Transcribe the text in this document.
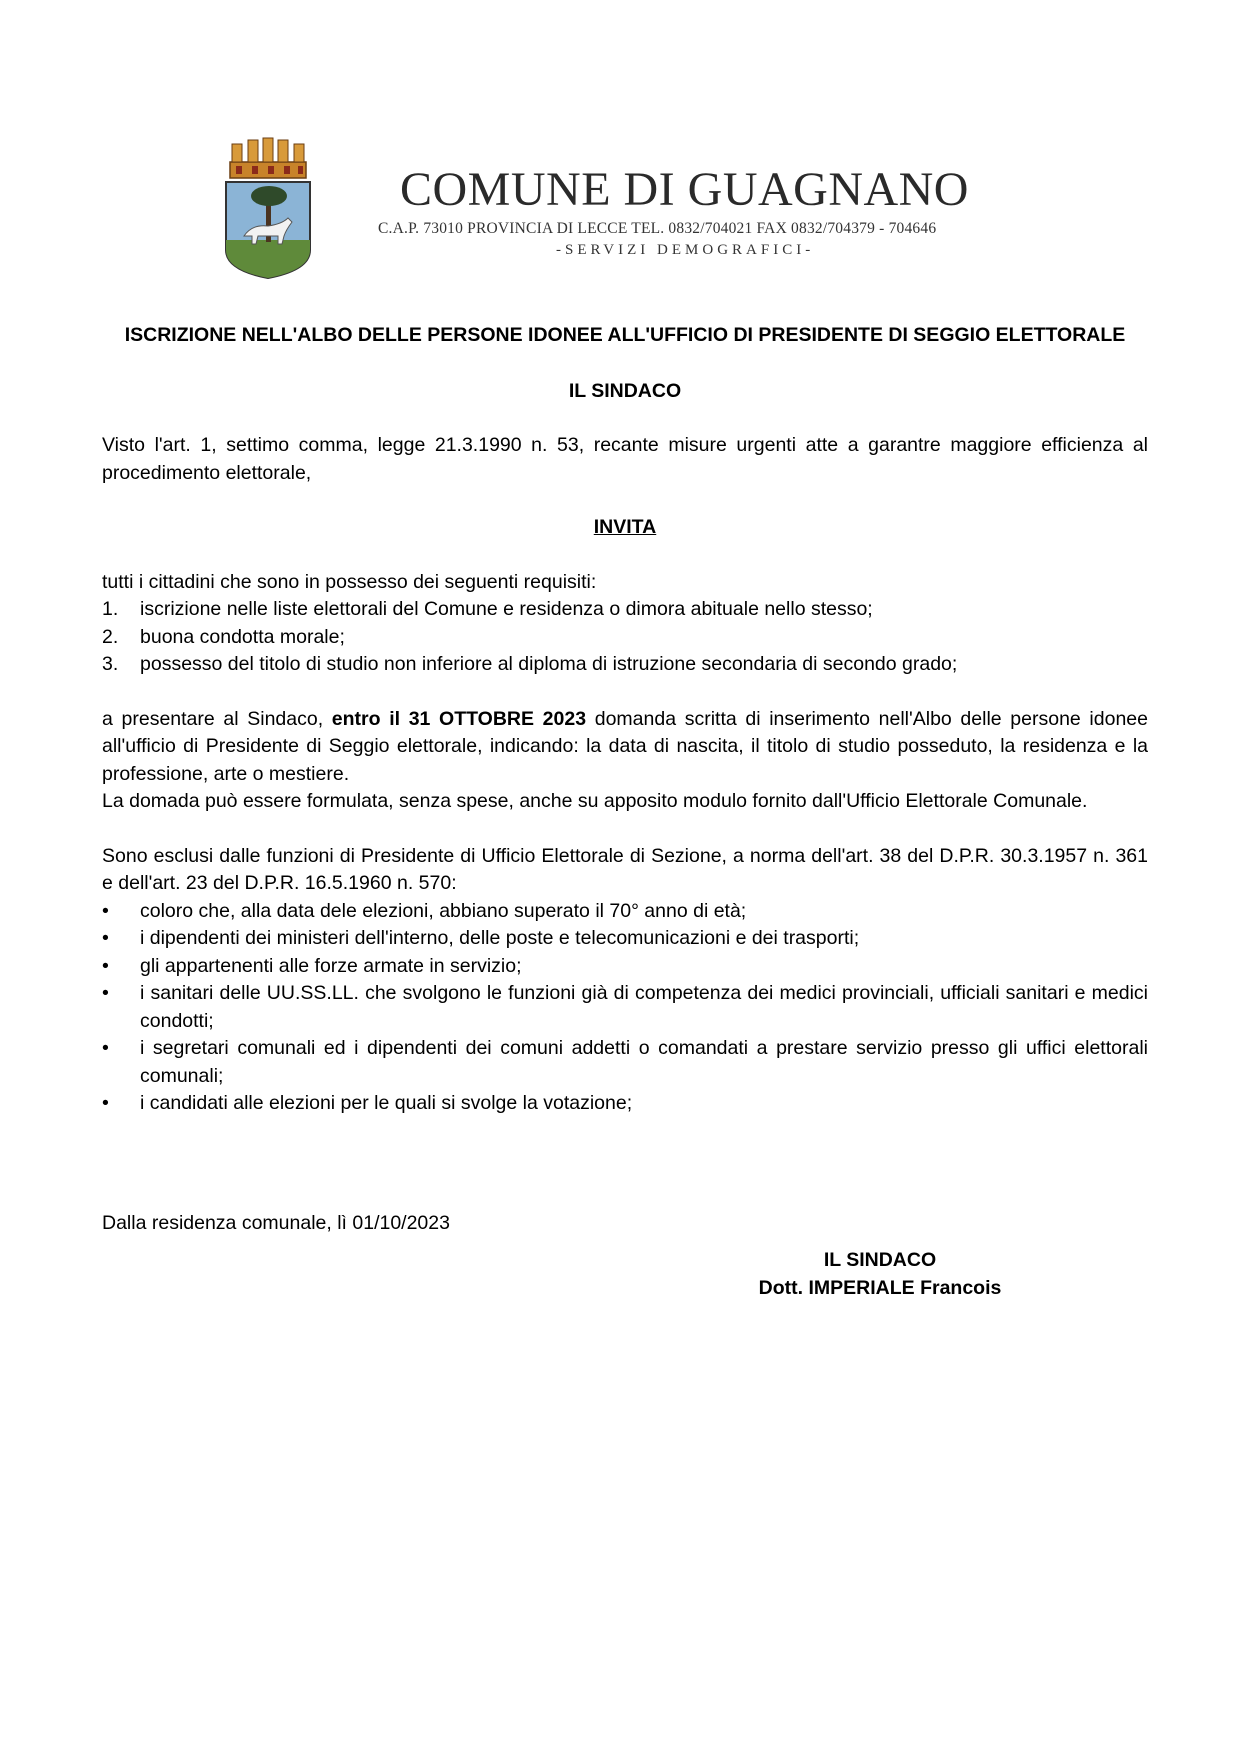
COMUNE DI GUAGNANO
C.A.P. 73010 PROVINCIA DI LECCE TEL. 0832/704021 FAX 0832/704379 - 704646
-SERVIZI DEMOGRAFICI-

ISCRIZIONE NELL'ALBO DELLE PERSONE IDONEE ALL'UFFICIO DI PRESIDENTE DI SEGGIO ELETTORALE

IL SINDACO

Visto l'art. 1, settimo comma, legge 21.3.1990 n. 53, recante misure urgenti atte a garantre maggiore efficienza al procedimento elettorale,

INVITA

tutti i cittadini che sono in possesso dei seguenti requisiti:

1.	iscrizione nelle liste elettorali del Comune e residenza o dimora abituale nello stesso;
2.	buona condotta morale;
3.	possesso del titolo di studio non inferiore al diploma di istruzione secondaria di secondo grado;

a presentare al Sindaco, entro il 31 OTTOBRE 2023 domanda scritta di inserimento nell'Albo delle persone idonee all'ufficio di Presidente di Seggio elettorale, indicando: la data di nascita, il titolo di studio posseduto, la residenza e la professione, arte o mestiere.

La domada può essere formulata, senza spese, anche su apposito modulo fornito dall'Ufficio Elettorale Comunale.

Sono esclusi dalle funzioni di Presidente di Ufficio Elettorale di Sezione, a norma dell'art. 38 del D.P.R. 30.3.1957 n. 361 e dell'art. 23 del D.P.R. 16.5.1960 n. 570:

•	coloro che, alla data dele elezioni, abbiano superato il 70° anno di età;
•	i dipendenti dei ministeri dell'interno, delle poste e telecomunicazioni e dei trasporti;
•	gli appartenenti alle forze armate in servizio;
•	i sanitari delle UU.SS.LL. che svolgono le funzioni già di competenza dei medici provinciali, ufficiali sanitari e medici condotti;
•	i segretari comunali ed i dipendenti dei comuni addetti o comandati a prestare servizio presso gli uffici elettorali comunali;
•	i candidati alle elezioni per le quali si svolge la votazione;
Dalla residenza comunale, lì 01/10/2023
IL SINDACO
Dott. IMPERIALE Francois
